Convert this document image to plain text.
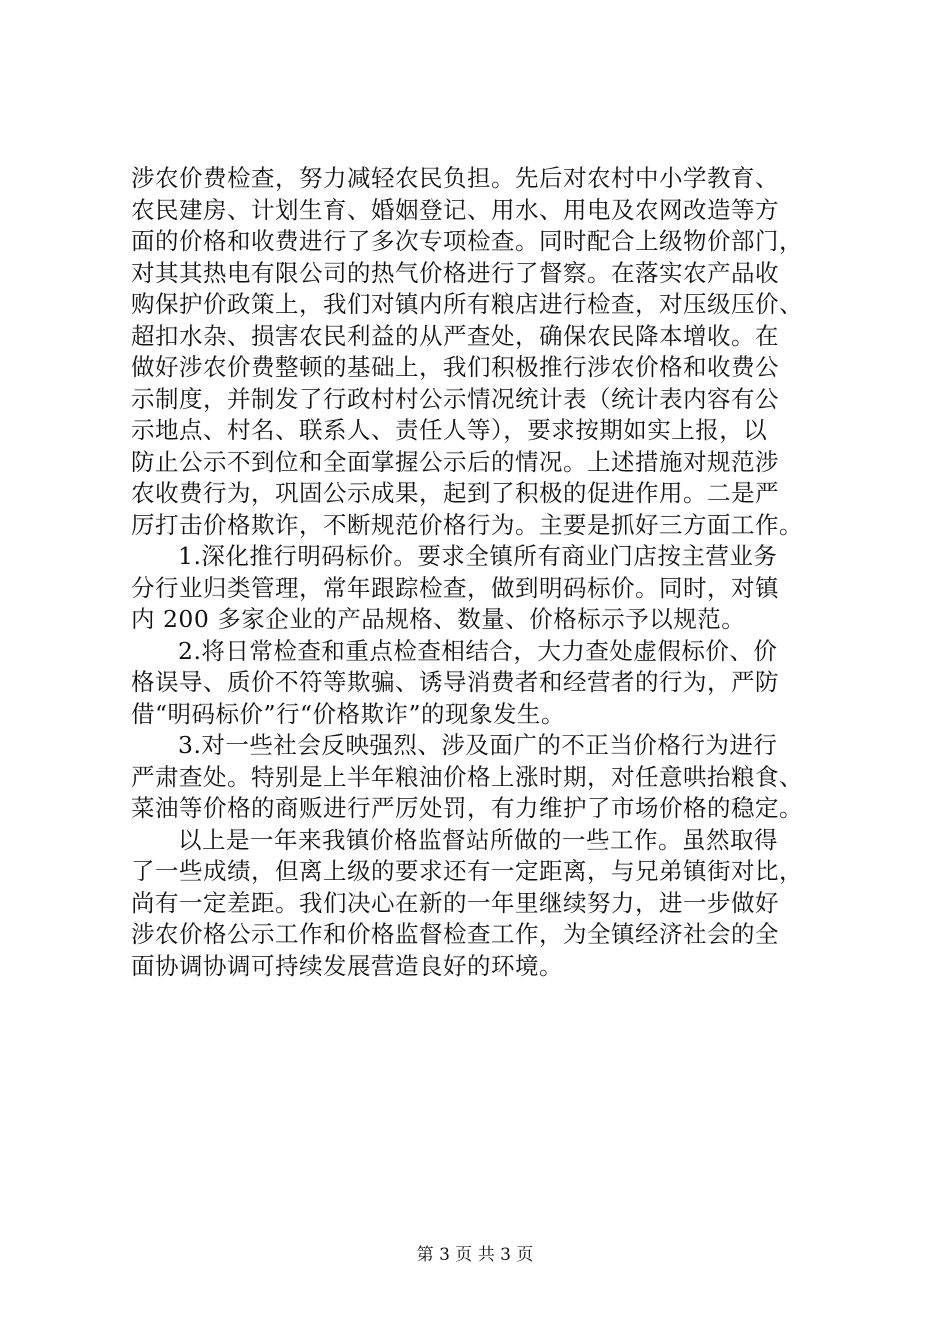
涉农价费检查，努力减轻农民负担。先后对农村中小学教育、
农民建房、计划生育、婚姻登记、用水、用电及农网改造等方
面的价格和收费进行了多次专项检查。同时配合上级物价部门，
对其其热电有限公司的热气价格进行了督察。在落实农产品收
购保护价政策上，我们对镇内所有粮店进行检查，对压级压价、
超扣水杂、损害农民利益的从严查处，确保农民降本增收。在
做好涉农价费整顿的基础上，我们积极推行涉农价格和收费公
示制度，并制发了行政村村公示情况统计表（统计表内容有公
示地点、村名、联系人、责任人等），要求按期如实上报，以
防止公示不到位和全面掌握公示后的情况。上述措施对规范涉
农收费行为，巩固公示成果，起到了积极的促进作用。二是严
厉打击价格欺诈，不断规范价格行为。主要是抓好三方面工作。
1.深化推行明码标价。要求全镇所有商业门店按主营业务
分行业归类管理，常年跟踪检查，做到明码标价。同时，对镇
内 200 多家企业的产品规格、数量、价格标示予以规范。
2.将日常检查和重点检查相结合，大力查处虚假标价、价
格误导、质价不符等欺骗、诱导消费者和经营者的行为，严防
借“明码标价”行“价格欺诈”的现象发生。
3.对一些社会反映强烈、涉及面广的不正当价格行为进行
严肃查处。特别是上半年粮油价格上涨时期，对任意哄抬粮食、
菜油等价格的商贩进行严厉处罚，有力维护了市场价格的稳定。
以上是一年来我镇价格监督站所做的一些工作。虽然取得
了一些成绩，但离上级的要求还有一定距离，与兄弟镇街对比，
尚有一定差距。我们决心在新的一年里继续努力，进一步做好
涉农价格公示工作和价格监督检查工作，为全镇经济社会的全
面协调协调可持续发展营造良好的环境。
第 3 页 共 3 页
